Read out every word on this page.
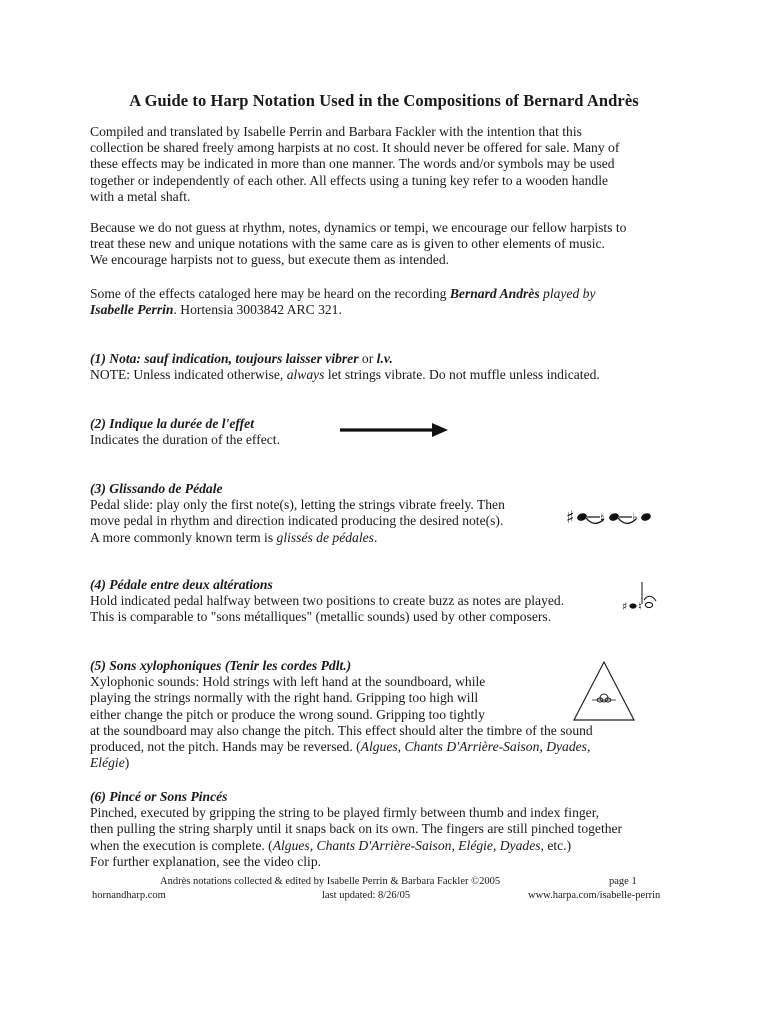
A Guide to Harp Notation Used in the Compositions of Bernard Andrès
Compiled and translated by Isabelle Perrin and Barbara Fackler with the intention that this
collection be shared freely among harpists at no cost. It should never be offered for sale. Many of
these effects may be indicated in more than one manner. The words and/or symbols may be used
together or independently of each other. All effects using a tuning key refer to a wooden handle
with a metal shaft.
Because we do not guess at rhythm, notes, dynamics or tempi, we encourage our fellow harpists to
treat these new and unique notations with the same care as is given to other elements of music.
We encourage harpists not to guess, but execute them as intended.
Some of the effects cataloged here may be heard on the recording Bernard Andrès played by
Isabelle Perrin. Hortensia 3003842 ARC 321.
(1) Nota: sauf indication, toujours laisser vibrer or l.v.
NOTE: Unless indicated otherwise, always let strings vibrate. Do not muffle unless indicated.
(2) Indique la durée de l'effet
Indicates the duration of the effect.
(3) Glissando de Pédale
Pedal slide: play only the first note(s), letting the strings vibrate freely. Then
move pedal in rhythm and direction indicated producing the desired note(s).
A more commonly known term is glissés de pédales.
♯ ♮ ♭
(4) Pédale entre deux altérations
Hold indicated pedal halfway between two positions to create buzz as notes are played.
This is comparable to "sons métalliques" (metallic sounds) used by other composers.
♯ ♮
(5) Sons xylophoniques (Tenir les cordes Pdlt.)
Xylophonic sounds: Hold strings with left hand at the soundboard, while
playing the strings normally with the right hand. Gripping too high will
either change the pitch or produce the wrong sound. Gripping too tightly
at the soundboard may also change the pitch. This effect should alter the timbre of the sound
produced, not the pitch. Hands may be reversed. (Algues, Chants D'Arrière-Saison, Dyades,
Elégie)
(6) Pincé or Sons Pincés
Pinched, executed by gripping the string to be played firmly between thumb and index finger,
then pulling the string sharply until it snaps back on its own. The fingers are still pinched together
when the execution is complete. (Algues, Chants D'Arrière-Saison, Elégie, Dyades, etc.)
For further explanation, see the video clip.
Andrès notations collected & edited by Isabelle Perrin & Barbara Fackler ©2005	page 1
hornandharp.com	last updated: 8/26/05	www.harpa.com/isabelle-perrin
